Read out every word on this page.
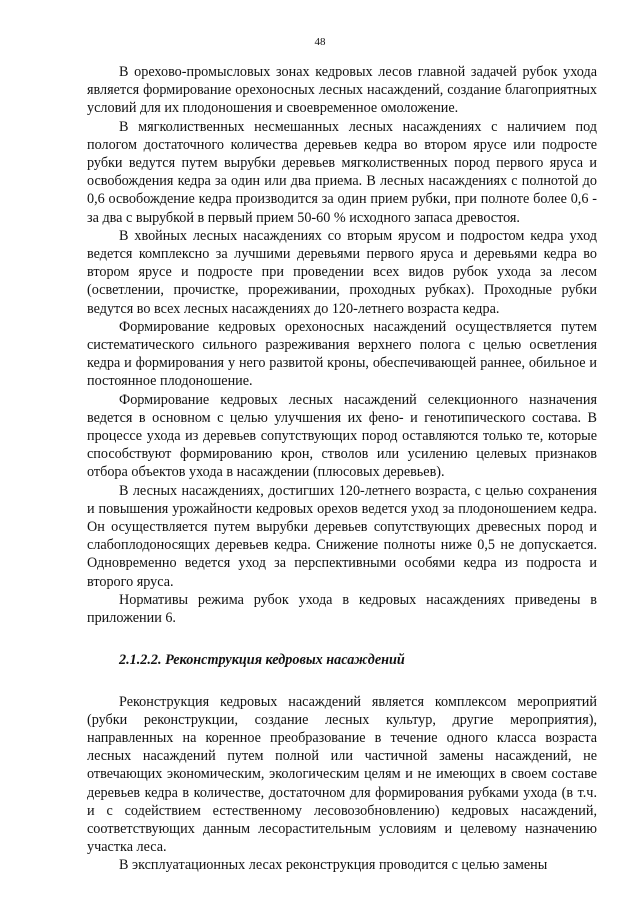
48

В орехово-промысловых зонах кедровых лесов главной задачей рубок ухода является формирование орехоносных лесных насаждений, создание благоприятных условий для их плодоношения и своевременное омоложение.

В мягколиственных несмешанных лесных насаждениях с наличием под пологом достаточного количества деревьев кедра во втором ярусе или подросте рубки ведутся путем вырубки деревьев мягколиственных пород первого яруса и освобождения кедра за один или два приема. В лесных насаждениях с полнотой до 0,6 освобождение кедра производится за один прием рубки, при полноте более 0,6 - за два с вырубкой в первый прием 50-60 % исходного запаса древостоя.

В хвойных лесных насаждениях со вторым ярусом и подростом кедра уход ведется комплексно за лучшими деревьями первого яруса и деревьями кедра во втором ярусе и подросте при проведении всех видов рубок ухода за лесом (осветлении, прочистке, прореживании, проходных рубках). Проходные рубки ведутся во всех лесных насаждениях до 120-летнего возраста кедра.

Формирование кедровых орехоносных насаждений осуществляется путем систематического сильного разреживания верхнего полога с целью осветления кедра и формирования у него развитой кроны, обеспечивающей раннее, обильное и постоянное плодоношение.

Формирование кедровых лесных насаждений селекционного назначения ведется в основном с целью улучшения их фено- и генотипического состава. В процессе ухода из деревьев сопутствующих пород оставляются только те, которые способствуют формированию крон, стволов или усилению целевых признаков отбора объектов ухода в насаждении (плюсовых деревьев).

В лесных насаждениях, достигших 120-летнего возраста, с целью сохранения и повышения урожайности кедровых орехов ведется уход за плодоношением кедра. Он осуществляется путем вырубки деревьев сопутствующих древесных пород и слабоплодоносящих деревьев кедра. Снижение полноты ниже 0,5 не допускается. Одновременно ведется уход за перспективными особями кедра из подроста и второго яруса.

Нормативы режима рубок ухода в кедровых насаждениях приведены в приложении 6.

2.1.2.2. Реконструкция кедровых насаждений

Реконструкция кедровых насаждений является комплексом мероприятий (рубки реконструкции, создание лесных культур, другие мероприятия), направленных на коренное преобразование в течение одного класса возраста лесных насаждений путем полной или частичной замены насаждений, не отвечающих экономическим, экологическим целям и не имеющих в своем составе деревьев кедра в количестве, достаточном для формирования рубками ухода (в т.ч. и с содействием естественному лесовозобновлению) кедровых насаждений, соответствующих данным лесорастительным условиям и целевому назначению участка леса.

В эксплуатационных лесах реконструкция проводится с целью замены
